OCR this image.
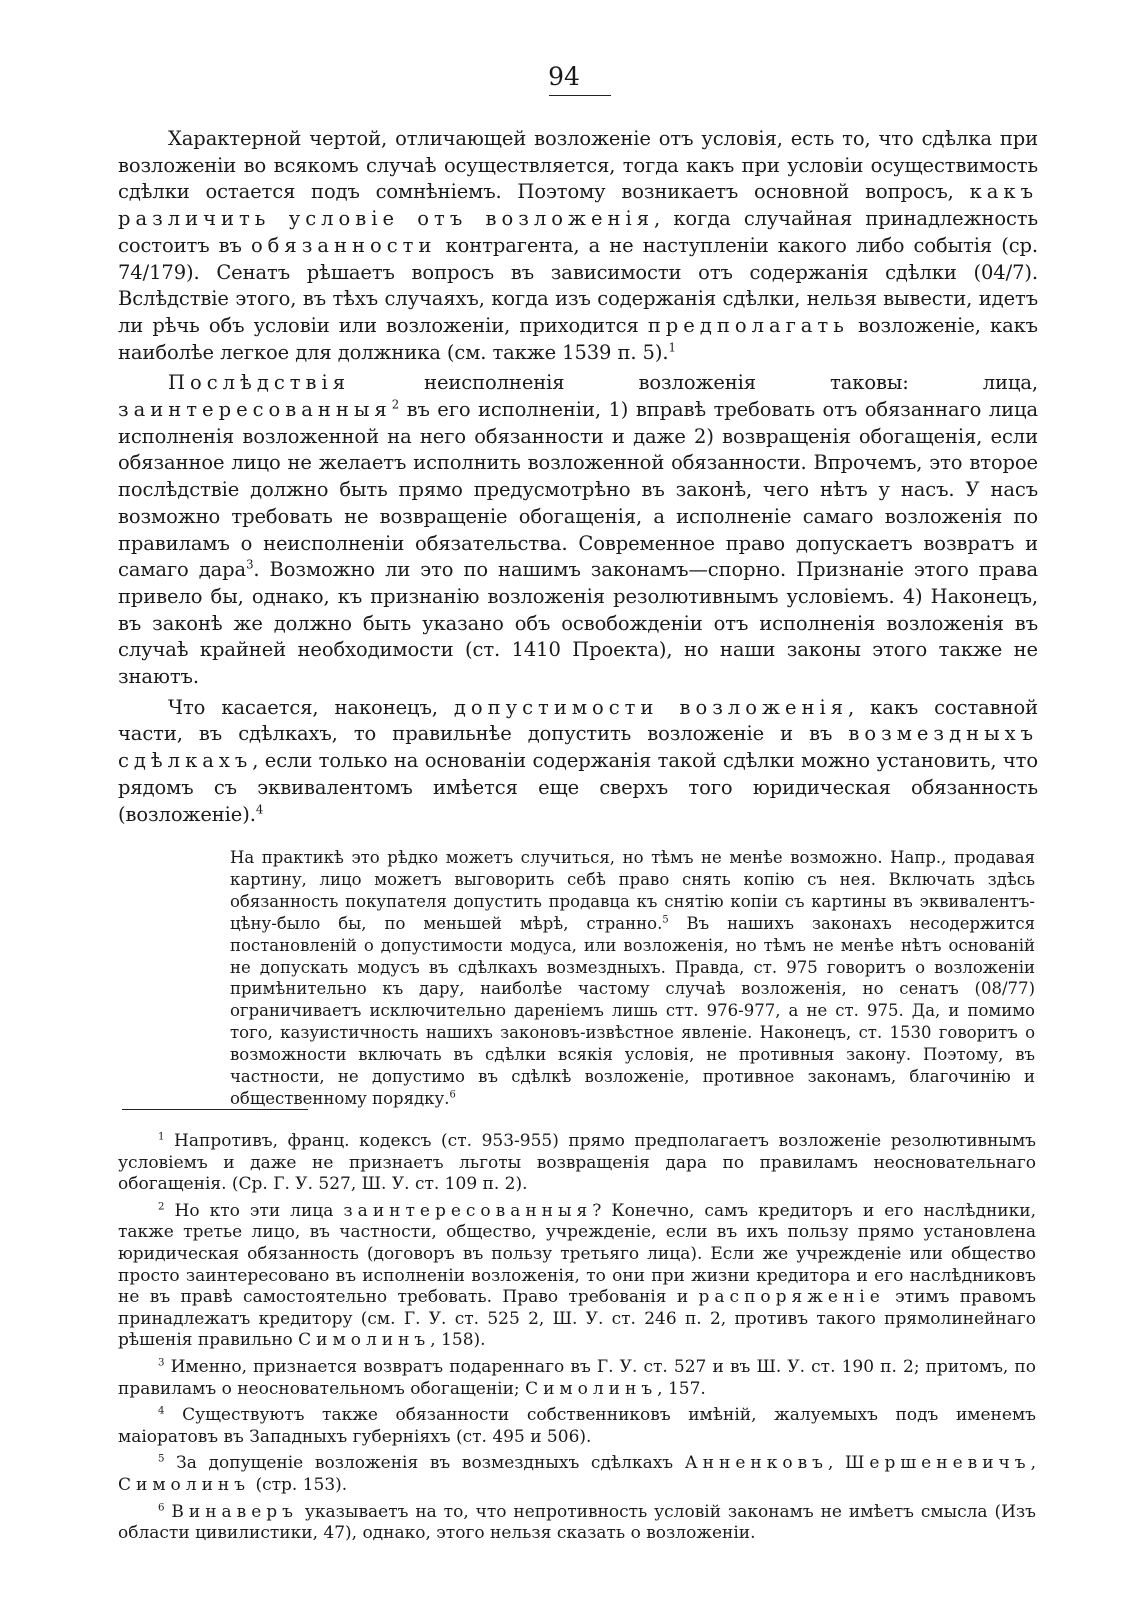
94

Характерной чертой, отличающей возложенiе отъ условiя, есть то, что сдѣлка при возложенiи во всякомъ случаѣ осуществляется, тогда какъ при условiи осуществимость сдѣлки остается подъ сомнѣнiемъ. Поэтому возникаетъ основной вопросъ, какъ различить условiе отъ возложенiя, когда случайная принадлежность состоитъ въ обязанности контрагента, а не наступленiи какого либо событiя (ср. 74/179). Сенатъ рѣшаетъ вопросъ въ зависимости отъ содержанiя сдѣлки (04/7). Вслѣдствiе этого, въ тѣхъ случаяхъ, когда изъ содержанiя сдѣлки, нельзя вывести, идетъ ли рѣчь объ условiи или возложенiи, приходится предполагать возложенiе, какъ наиболѣе легкое для должника (см. также 1539 п. 5).$^1$

Послѣдствiя неисполненiя возложенiя таковы: лица, заинтересованныя$^2$ въ его исполненiи, 1) вправѣ требовать отъ обязаннаго лица исполненiя возложенной на него обязанности и даже 2) возвращенiя обогащенiя, если обязанное лицо не желаетъ исполнить возложенной обязанности. Впрочемъ, это второе послѣдствiе должно быть прямо предусмотрѣно въ законѣ, чего нѣтъ у насъ. У насъ возможно требовать не возвращенiе обогащенiя, а исполненiе самаго возложенiя по правиламъ о неисполненiи обязательства. Современное право допускаетъ возвратъ и самаго дара$^3$. Возможно ли это по нашимъ законамъ—спорно. Признанiе этого права привело бы, однако, къ признанiю возложенiя резолютивнымъ условiемъ. 4) Наконецъ, въ законѣ же должно быть указано объ освобожденiи отъ исполненiя возложенiя въ случаѣ крайней необходимости (ст. 1410 Проекта), но наши законы этого также не знаютъ.

Что касается, наконецъ, допустимости возложенiя, какъ составной части, въ сдѣлкахъ, то правильнѣе допустить возложенiе и въ возмездныхъ сдѣлкахъ, если только на основанiи содержанiя такой сдѣлки можно установить, что рядомъ съ эквивалентомъ имѣется еще сверхъ того юридическая обязанность (возложенiе).$^4$

На практикѣ это рѣдко можетъ случиться, но тѣмъ не менѣе возможно. Напр., продавая картину, лицо можетъ выговорить себѣ право снять копiю съ нея. Включать здѣсь обязанность покупателя допустить продавца къ снятiю копiи съ картины въ эквивалентъ-цѣну-было бы, по меньшей мѣрѣ, странно.$^5$ Въ нашихъ законахъ несодержится постановленiй о допустимости модуса, или возложенiя, но тѣмъ не менѣе нѣтъ основанiй не допускать модусъ въ сдѣлкахъ возмездныхъ. Правда, ст. 975 говоритъ о возложенiи примѣнительно къ дару, наиболѣе частому случаѣ возложенiя, но сенатъ (08/77) ограничиваетъ исключительно даренiемъ лишь стт. 976-977, а не ст. 975. Да, и помимо того, казуистичность нашихъ законовъ-извѣстное явленiе. Наконецъ, ст. 1530 говоритъ о возможности включать въ сдѣлки всякiя условiя, не противныя закону. Поэтому, въ частности, не допустимо въ сдѣлкѣ возложенiе, противное законамъ, благочинiю и общественному порядку.$^6$

$^1$ Напротивъ, франц. кодексъ (ст. 953-955) прямо предполагаетъ возложенiе резолютивнымъ условiемъ и даже не признаетъ льготы возвращенiя дара по правиламъ неосновательнаго обогащенiя. (Ср. Г. У. 527, Ш. У. ст. 109 п. 2).

$^2$ Но кто эти лица заинтересованныя? Конечно, самъ кредиторъ и его наслѣдники, также третье лицо, въ частности, общество, учрежденiе, если въ ихъ пользу прямо установлена юридическая обязанность (договоръ въ пользу третьяго лица). Если же учрежденiе или общество просто заинтересовано въ исполненiи возложенiя, то они при жизни кредитора и его наслѣдниковъ не въ правѣ самостоятельно требовать. Право требованiя и распоряженiе этимъ правомъ принадлежатъ кредитору (см. Г. У. ст. 525 2, Ш. У. ст. 246 п. 2, противъ такого прямолинейнаго рѣшенiя правильно Симолинъ, 158).

$^3$ Именно, признается возвратъ подареннаго въ Г. У. ст. 527 и въ Ш. У. ст. 190 п. 2; притомъ, по правиламъ о неосновательномъ обогащенiи; Симолинъ, 157.

$^4$ Существуютъ также обязанности собственниковъ имѣнiй, жалуемыхъ подъ именемъ маiоратовъ въ Западныхъ губернiяхъ (ст. 495 и 506).

$^5$ За допущенiе возложенiя въ возмездныхъ сдѣлкахъ Анненковъ, Шершеневичъ, Симолинъ (стр. 153).

$^6$ Винаверъ указываетъ на то, что непротивность условiй законамъ не имѣетъ смысла (Изъ области цивилистики, 47), однако, этого нельзя сказать о возложенiи.
